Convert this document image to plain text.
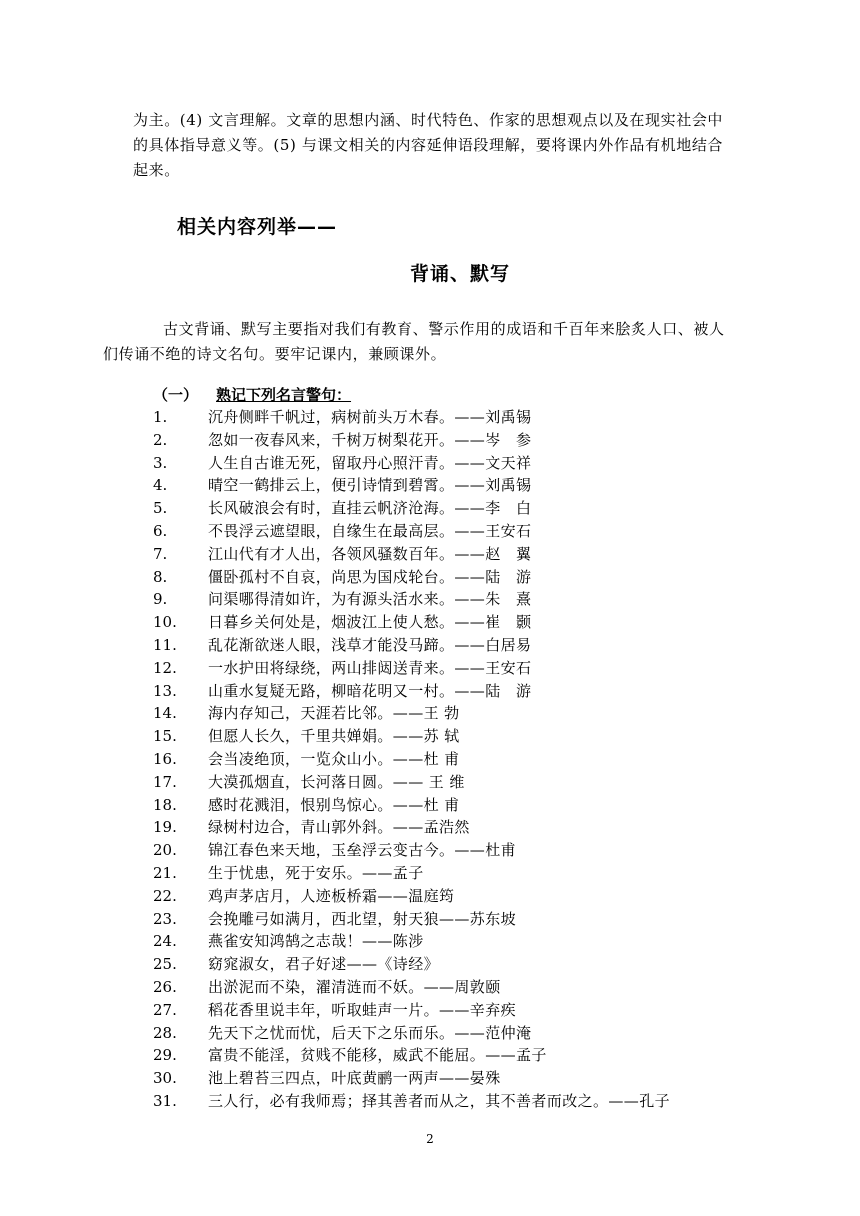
为主。(4) 文言理解。文章的思想内涵、时代特色、作家的思想观点以及在现实社会中

的具体指导意义等。(5) 与课文相关的内容延伸语段理解，要将课内外作品有机地结合

起来。

相关内容列举——
背诵、默写
古文背诵、默写主要指对我们有教育、警示作用的成语和千百年来脍炙人口、被人
们传诵不绝的诗文名句。要牢记课内，兼顾课外。
（一） 熟记下列名言警句：
1.	沉舟侧畔千帆过，病树前头万木春。——刘禹锡
2.	忽如一夜春风来，千树万树梨花开。——岑　参
3.	人生自古谁无死，留取丹心照汗青。——文天祥
4.	晴空一鹤排云上，便引诗情到碧霄。——刘禹锡
5.	长风破浪会有时，直挂云帆济沧海。——李　白
6.	不畏浮云遮望眼，自缘生在最高层。——王安石
7.	江山代有才人出，各领风骚数百年。——赵　翼
8.	僵卧孤村不自哀，尚思为国戍轮台。——陆　游
9.	问渠哪得清如许，为有源头活水来。——朱　熹
10.	日暮乡关何处是，烟波江上使人愁。——崔　颢
11.	乱花渐欲迷人眼，浅草才能没马蹄。——白居易
12.	一水护田将绿绕，两山排闼送青来。——王安石
13.	山重水复疑无路，柳暗花明又一村。——陆　游
14.	海内存知己，天涯若比邻。——王 勃
15.	但愿人长久，千里共婵娟。——苏 轼
16.	会当凌绝顶，一览众山小。——杜 甫
17.	大漠孤烟直，长河落日圆。—— 王 维
18.	感时花溅泪，恨别鸟惊心。——杜 甫
19.	绿树村边合，青山郭外斜。——孟浩然
20.	锦江春色来天地，玉垒浮云变古今。——杜甫
21.	生于忧患，死于安乐。——孟子
22.	鸡声茅店月，人迹板桥霜——温庭筠
23.	会挽雕弓如满月，西北望，射天狼——苏东坡
24.	燕雀安知鸿鹄之志哉！——陈涉
25.	窈窕淑女，君子好逑——《诗经》
26.	出淤泥而不染，濯清涟而不妖。——周敦颐
27.	稻花香里说丰年，听取蛙声一片。——辛弃疾
28.	先天下之忧而忧，后天下之乐而乐。——范仲淹
29.	富贵不能淫，贫贱不能移，威武不能屈。——孟子
30.	池上碧苔三四点，叶底黄鹂一两声——晏殊
31.	三人行，必有我师焉；择其善者而从之，其不善者而改之。——孔子
2
